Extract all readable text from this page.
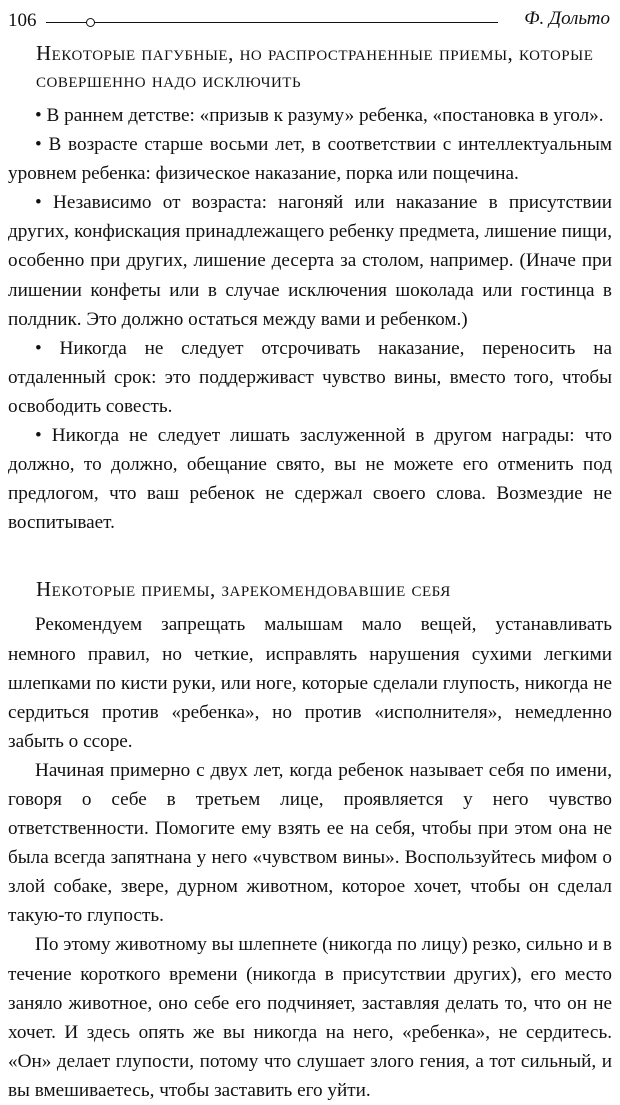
106	Ф. Дольто
Некоторые пагубные, но распространенные приемы, которые совершенно надо исключить

• В раннем детстве: «призыв к разуму» ребенка, «постановка в угол».

• В возрасте старше восьми лет, в соответствии с интеллектуальным уровнем ребенка: физическое наказание, порка или пощечина.

• Независимо от возраста: нагоняй или наказание в присутствии других, конфискация принадлежащего ребенку предмета, лишение пищи, особенно при других, лишение десерта за столом, например. (Иначе при лишении конфеты или в случае исключения шоколада или гостинца в полдник. Это должно остаться между вами и ребенком.)

• Никогда не следует отсрочивать наказание, переносить на отдаленный срок: это поддерживаст чувство вины, вместо того, чтобы освободить совесть.

• Никогда не следует лишать заслуженной в другом награды: что должно, то должно, обещание свято, вы не можете его отменить под предлогом, что ваш ребенок не сдержал своего слова. Возмездие не воспитывает.

Некоторые приемы, зарекомендовавшие себя

Рекомендуем запрещать малышам мало вещей, устанавливать немного правил, но четкие, исправлять нарушения сухими легкими шлепками по кисти руки, или ноге, которые сделали глупость, никогда не сердиться против «ребенка», но против «исполнителя», немедленно забыть о ссоре.

Начиная примерно с двух лет, когда ребенок называет себя по имени, говоря о себе в третьем лице, проявляется у него чувство ответственности. Помогите ему взять ее на себя, чтобы при этом она не была всегда запятнана у него «чувством вины». Воспользуйтесь мифом о злой собаке, звере, дурном животном, которое хочет, чтобы он сделал такую-то глупость.

По этому животному вы шлепнете (никогда по лицу) резко, сильно и в течение короткого времени (никогда в присутствии других), его место заняло животное, оно себе его подчиняет, заставляя делать то, что он не хочет. И здесь опять же вы никогда на него, «ребенка», не сердитесь. «Он» делает глупости, потому что слушает злого гения, а тот сильный, и вы вмешиваетесь, чтобы заставить его уйти.
